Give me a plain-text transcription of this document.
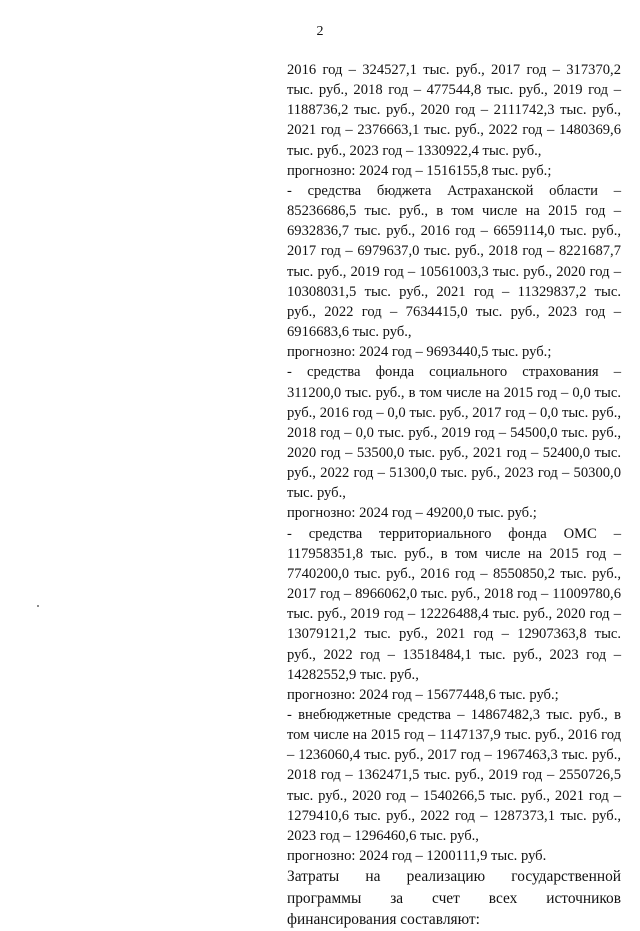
2

2016 год – 324527,1 тыс. руб., 2017 год – 317370,2 тыс. руб., 2018 год – 477544,8 тыс. руб., 2019 год – 1188736,2 тыс. руб., 2020 год – 2111742,3 тыс. руб., 2021 год – 2376663,1 тыс. руб., 2022 год – 1480369,6 тыс. руб., 2023 год – 1330922,4 тыс. руб.,

прогнозно: 2024 год – 1516155,8 тыс. руб.;

- средства бюджета Астраханской области – 85236686,5 тыс. руб., в том числе на 2015 год – 6932836,7 тыс. руб., 2016 год – 6659114,0 тыс. руб., 2017 год – 6979637,0 тыс. руб., 2018 год – 8221687,7 тыс. руб., 2019 год – 10561003,3 тыс. руб., 2020 год – 10308031,5 тыс. руб., 2021 год – 11329837,2 тыс. руб., 2022 год – 7634415,0 тыс. руб., 2023 год – 6916683,6 тыс. руб.,

прогнозно: 2024 год – 9693440,5 тыс. руб.;

- средства фонда социального страхования – 311200,0 тыс. руб., в том числе на 2015 год – 0,0 тыс. руб., 2016 год – 0,0 тыс. руб., 2017 год – 0,0 тыс. руб., 2018 год – 0,0 тыс. руб., 2019 год – 54500,0 тыс. руб., 2020 год – 53500,0 тыс. руб., 2021 год – 52400,0 тыс. руб., 2022 год – 51300,0 тыс. руб., 2023 год – 50300,0 тыс. руб.,

прогнозно: 2024 год – 49200,0 тыс. руб.;

- средства территориального фонда ОМС – 117958351,8 тыс. руб., в том числе на 2015 год – 7740200,0 тыс. руб., 2016 год – 8550850,2 тыс. руб., 2017 год – 8966062,0 тыс. руб., 2018 год – 11009780,6 тыс. руб., 2019 год – 12226488,4 тыс. руб., 2020 год – 13079121,2 тыс. руб., 2021 год – 12907363,8 тыс. руб., 2022 год – 13518484,1 тыс. руб., 2023 год – 14282552,9 тыс. руб.,

прогнозно: 2024 год – 15677448,6 тыс. руб.;

- внебюджетные средства – 14867482,3 тыс. руб., в том числе на 2015 год – 1147137,9 тыс. руб., 2016 год – 1236060,4 тыс. руб., 2017 год – 1967463,3 тыс. руб., 2018 год – 1362471,5 тыс. руб., 2019 год – 2550726,5 тыс. руб., 2020 год – 1540266,5 тыс. руб., 2021 год – 1279410,6 тыс. руб., 2022 год – 1287373,1 тыс. руб., 2023 год – 1296460,6 тыс. руб.,

прогнозно: 2024 год – 1200111,9 тыс. руб.

Затраты на реализацию государственной программы за счет всех источников финансирования составляют:
